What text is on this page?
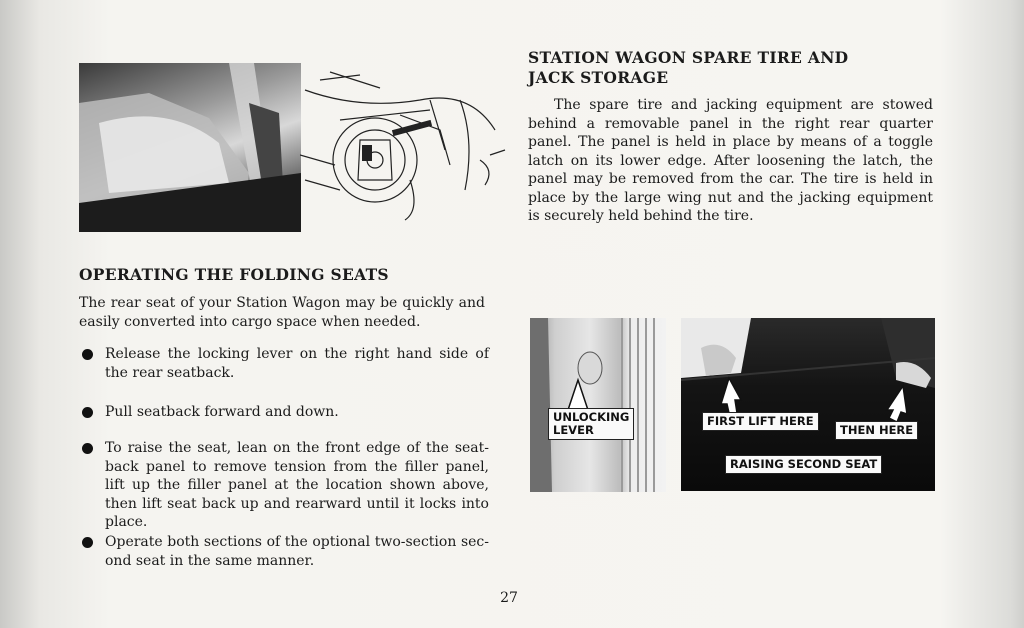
STATION WAGON SPARE TIRE AND
JACK STORAGE

The spare tire and jacking equipment are stowed behind a removable panel in the right rear quarter panel. The panel is held in place by means of a toggle latch on its lower edge. After loosening the latch, the panel may be removed from the car. The tire is held in place by the large wing nut and the jacking equipment is securely held behind the tire.

OPERATING THE FOLDING SEATS

The rear seat of your Station Wagon may be quickly and easily converted into cargo space when needed.

Release the locking lever on the right hand side of the rear seatback.
Pull seatback forward and down.
To raise the seat, lean on the front edge of the seat-back panel to remove tension from the filler panel, lift up the filler panel at the location shown above, then lift seat back up and rearward until it locks into place.
Operate both sections of the optional two-section sec-ond seat in the same manner.
UNLOCKING
LEVER
FIRST LIFT HERE
THEN HERE
RAISING SECOND SEAT
27
